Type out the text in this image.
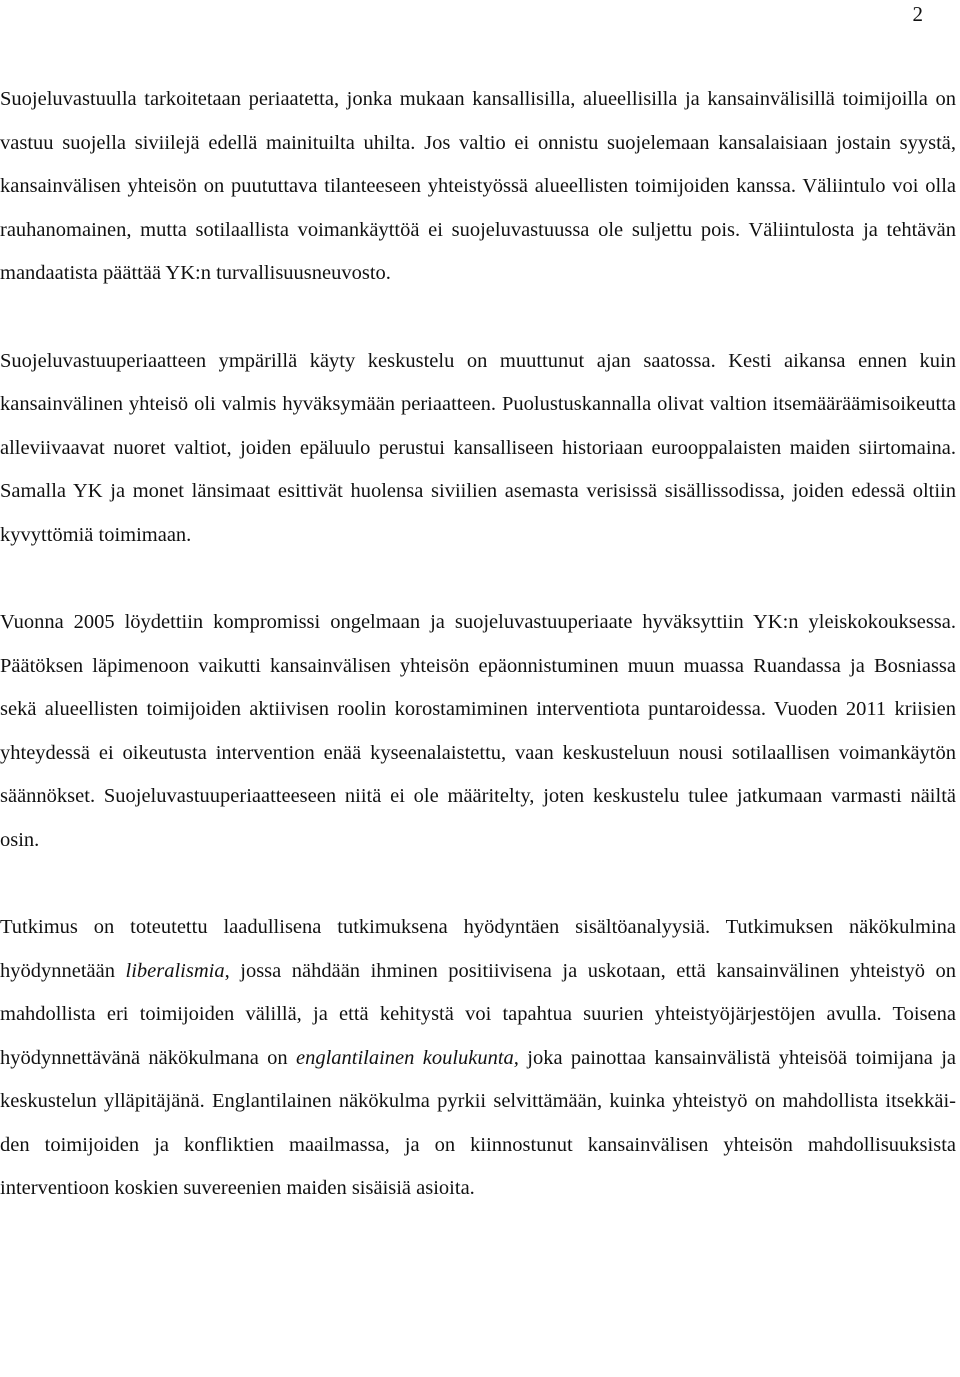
2

Suojeluvastuulla tarkoitetaan periaatetta, jonka mukaan kansallisilla, alueellisilla ja kansainvälisillä toimijoilla on vastuu suojella siviilejä edellä mainituilta uhilta. Jos valtio ei onnistu suojelemaan kansalaisiaan jostain syystä, kansainvälisen yhteisön on puututtava tilanteeseen yhteistyössä alueellisten toimijoiden kanssa. Väliintulo voi olla rauhanomainen, mutta sotilaallista voimankäyttöä ei suojeluvastuussa ole suljettu pois. Väliintulosta ja tehtävän mandaatista päättää YK:n turvallisuusneuvosto.

Suojeluvastuuperiaatteen ympärillä käyty keskustelu on muuttunut ajan saatossa. Kesti aikansa ennen kuin kansainvälinen yhteisö oli valmis hyväksymään periaatteen. Puolustuskannalla olivat valtion itsemääräämisoikeutta alleviivaavat nuoret valtiot, joiden epäluulo perustui kansalliseen historiaan eurooppalaisten maiden siirtomaina. Samalla YK ja monet länsimaat esittivät huolensa siviilien asemasta verisissä sisällissodissa, joiden edessä oltiin kyvyttömiä toimimaan.

Vuonna 2005 löydettiin kompromissi ongelmaan ja suojeluvastuuperiaate hyväksyttiin YK:n yleiskokouksessa. Päätöksen läpimenoon vaikutti kansainvälisen yhteisön epäonnistuminen muun muassa Ruandassa ja Bosniassa sekä alueellisten toimijoiden aktiivisen roolin korostamiminen interventiota puntaroidessa. Vuoden 2011 kriisien yhteydessä ei oikeutusta intervention enää kyseenalaistettu, vaan keskusteluun nousi sotilaallisen voimankäytön säännökset. Suojeluvastuuperiaatteeseen niitä ei ole määritelty, joten keskustelu tulee jatkumaan varmasti näiltä osin.

Tutkimus on toteutettu laadullisena tutkimuksena hyödyntäen sisältöanalyysiä. Tutkimuksen näkökulmina hyödynnetään liberalismia, jossa nähdään ihminen positiivisena ja uskotaan, että kansainvälinen yhteistyö on mahdollista eri toimijoiden välillä, ja että kehitystä voi tapahtua suurien yhteistyöjärjestöjen avulla. Toisena hyödynnettävänä näkökulmana on englantilainen koulukunta, joka painottaa kansainvälistä yhteisöä toimijana ja keskustelun ylläpitäjänä. Englantilainen näkökulma pyrkii selvittämään, kuinka yhteistyö on mahdollista itsekkäiden toimijoiden ja konfliktien maailmassa, ja on kiinnostunut kansainvälisen yhteisön mahdollisuuksista interventioon koskien suvereenien maiden sisäisiä asioita.
